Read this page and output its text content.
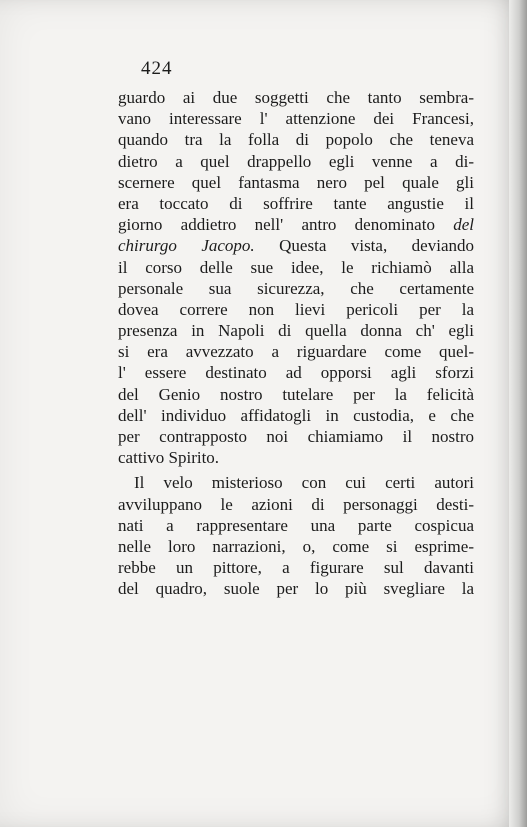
424
guardo ai due soggetti che tanto sembra-
vano interessare l' attenzione dei Francesi,
quando tra la folla di popolo che teneva
dietro a quel drappello egli venne a di-
scernere quel fantasma nero pel quale gli
era toccato di soffrire tante angustie il
giorno addietro nell' antro denominato del
chirurgo Jacopo. Questa vista, deviando
il corso delle sue idee, le richiamò alla
personale sua sicurezza, che certamente
dovea correre non lievi pericoli per la
presenza in Napoli di quella donna ch' egli
si era avvezzato a riguardare come quel-
l' essere destinato ad opporsi agli sforzi
del Genio nostro tutelare per la felicità
dell' individuo affidatogli in custodia, e che
per contrapposto noi chiamiamo il nostro
cattivo Spirito.
Il velo misterioso con cui certi autori
avviluppano le azioni di personaggi desti-
nati a rappresentare una parte cospicua
nelle loro narrazioni, o, come si esprime-
rebbe un pittore, a figurare sul davanti
del quadro, suole per lo più svegliare la
